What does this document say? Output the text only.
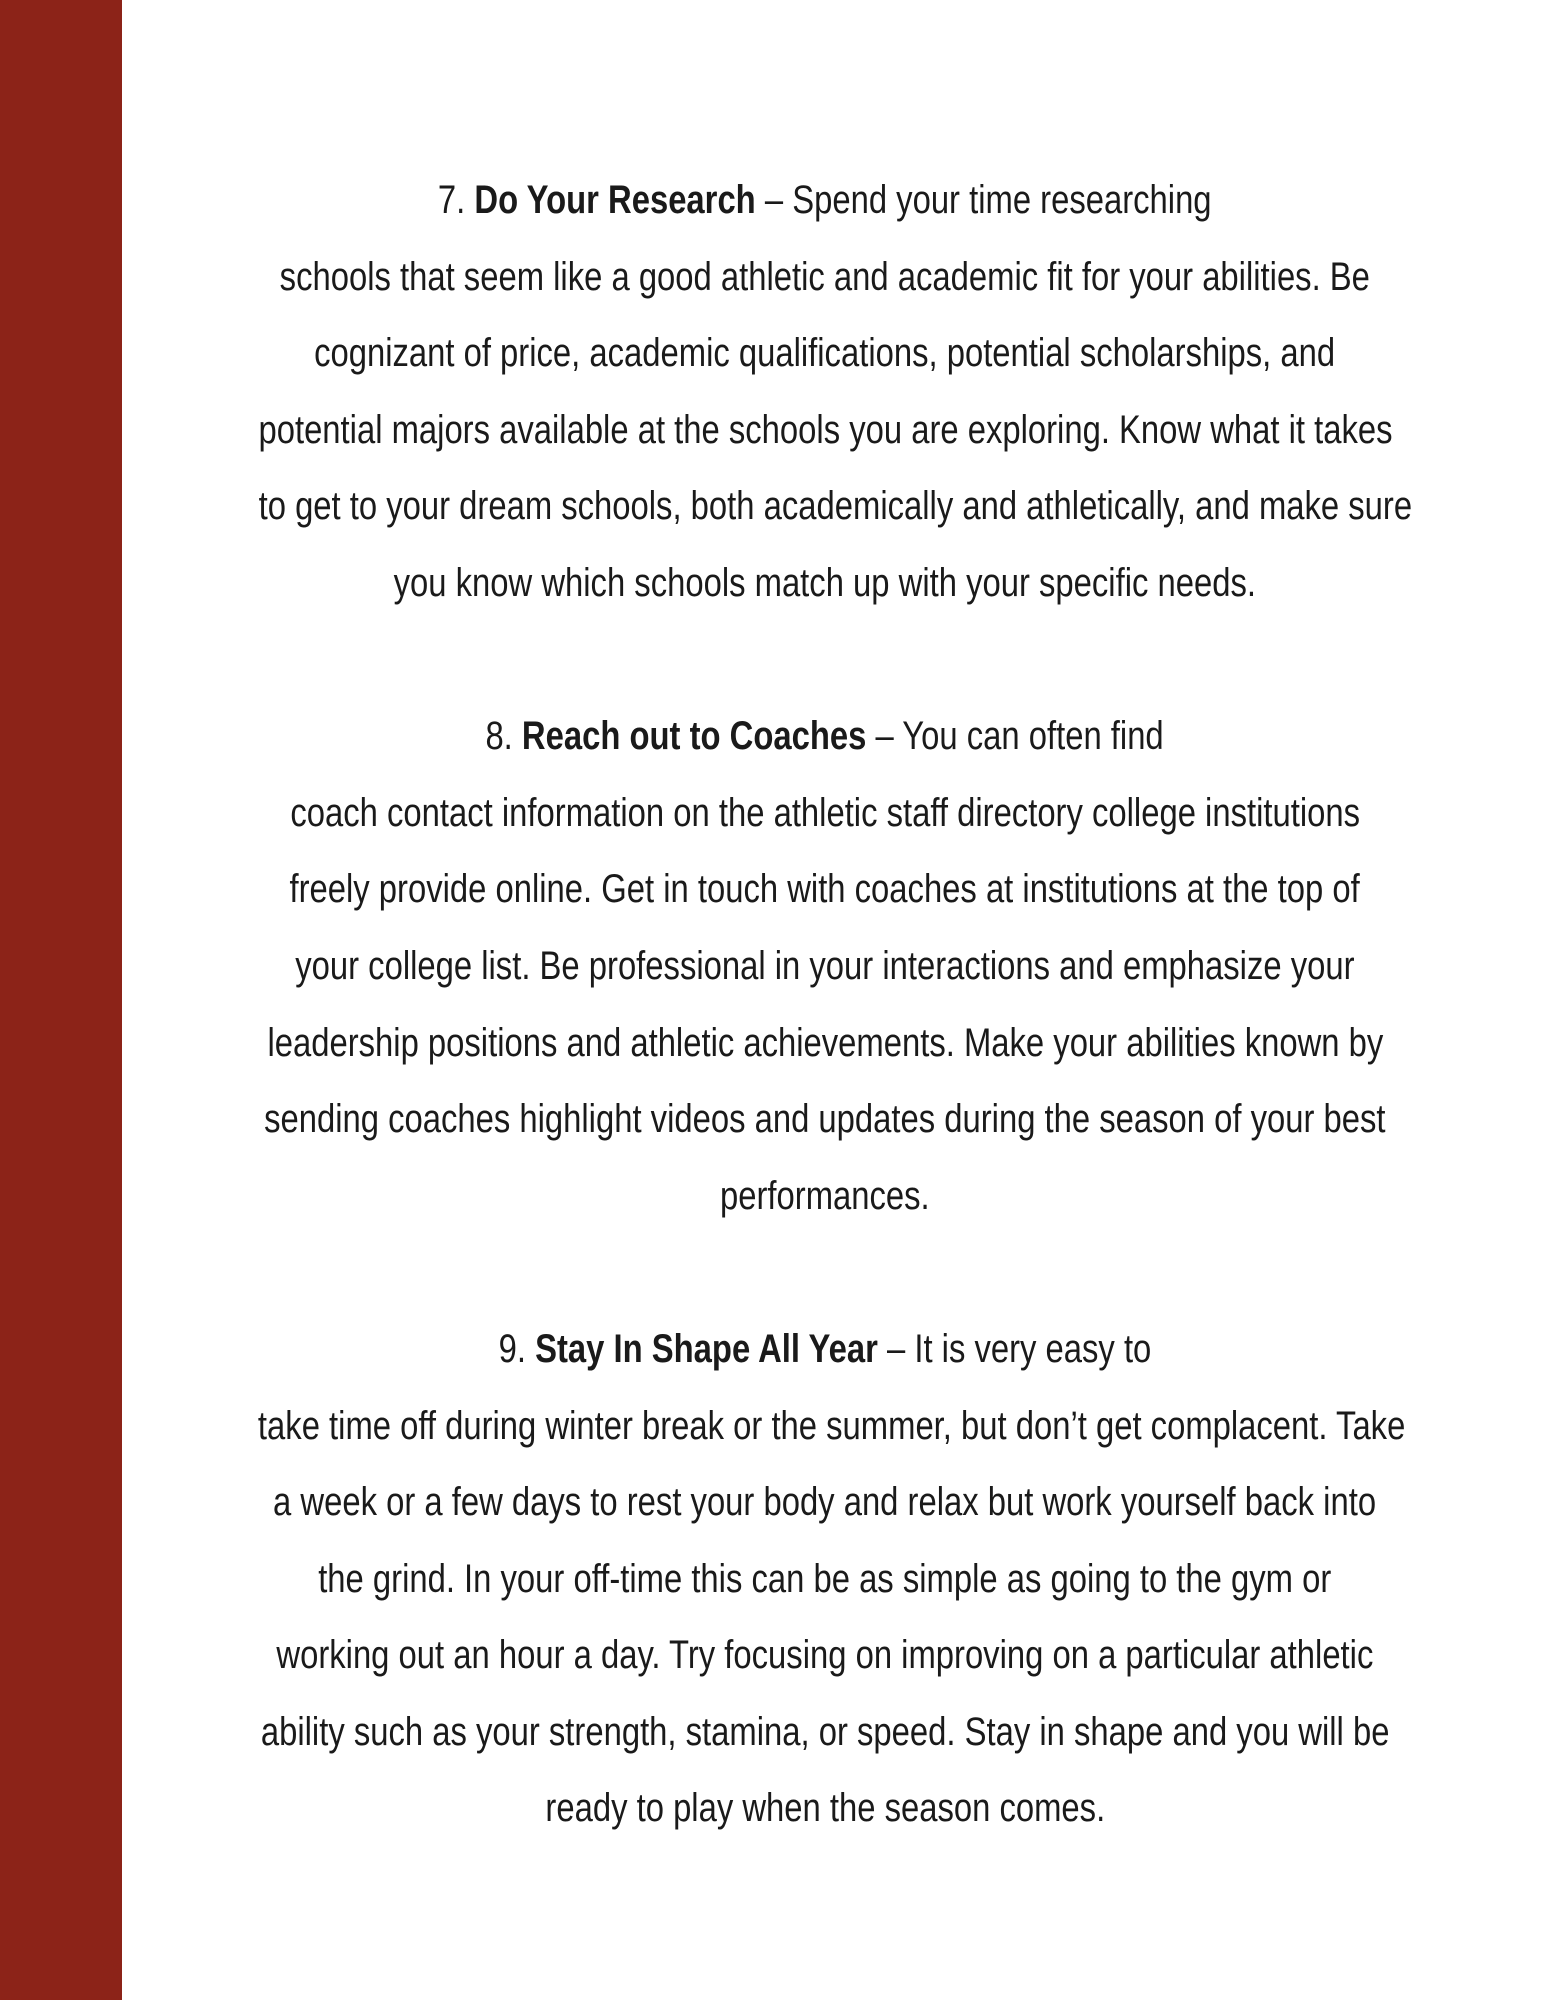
7. Do Your Research – Spend your time researching
schools that seem like a good athletic and academic fit for your abilities. Be
cognizant of price, academic qualifications, potential scholarships, and
potential majors available at the schools you are exploring. Know what it takes
to get to your dream schools, both academically and athletically, and make sure
you know which schools match up with your specific needs.
8. Reach out to Coaches – You can often find
coach contact information on the athletic staff directory college institutions
freely provide online. Get in touch with coaches at institutions at the top of
your college list. Be professional in your interactions and emphasize your
leadership positions and athletic achievements. Make your abilities known by
sending coaches highlight videos and updates during the season of your best
performances.
9. Stay In Shape All Year – It is very easy to
take time off during winter break or the summer, but don’t get complacent. Take
a week or a few days to rest your body and relax but work yourself back into
the grind. In your off-time this can be as simple as going to the gym or
working out an hour a day. Try focusing on improving on a particular athletic
ability such as your strength, stamina, or speed. Stay in shape and you will be
ready to play when the season comes.
